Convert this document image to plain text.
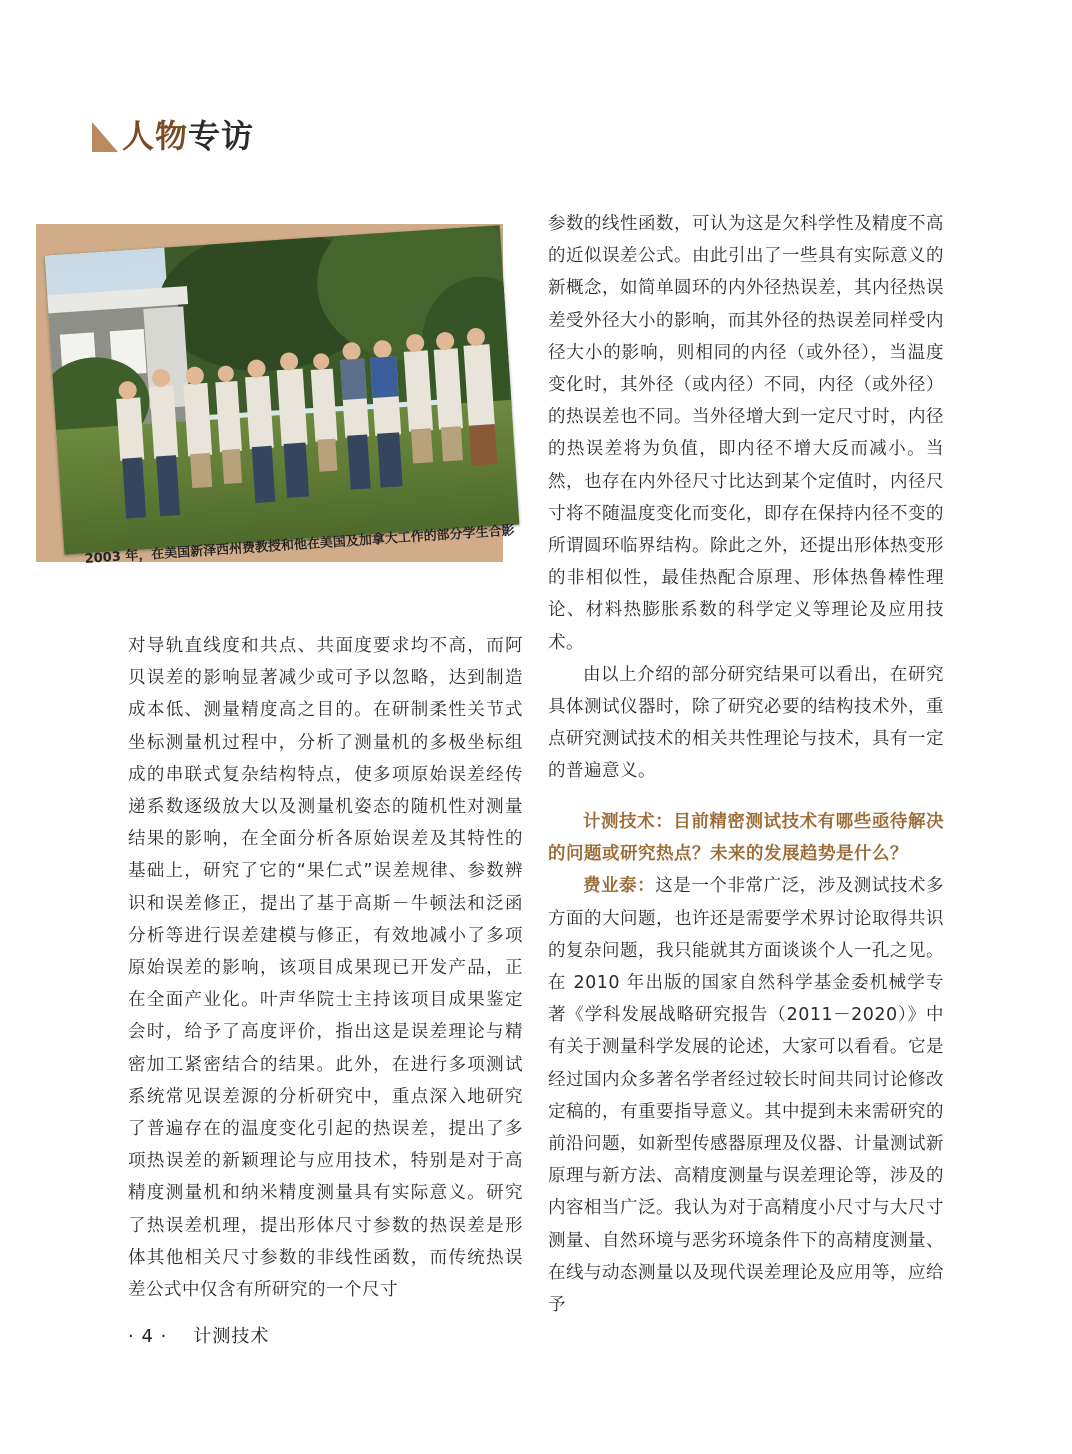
人物专访
2003 年，在美国新泽西州费教授和他在美国及加拿大工作的部分学生合影

对导轨直线度和共点、共面度要求均不高，而阿贝误差的影响显著减少或可予以忽略，达到制造成本低、测量精度高之目的。在研制柔性关节式坐标测量机过程中，分析了测量机的多极坐标组成的串联式复杂结构特点，使多项原始误差经传递系数逐级放大以及测量机姿态的随机性对测量结果的影响，在全面分析各原始误差及其特性的基础上，研究了它的“果仁式”误差规律、参数辨识和误差修正，提出了基于高斯－牛顿法和泛函分析等进行误差建模与修正，有效地减小了多项原始误差的影响，该项目成果现已开发产品，正在全面产业化。叶声华院士主持该项目成果鉴定会时，给予了高度评价，指出这是误差理论与精密加工紧密结合的结果。此外，在进行多项测试系统常见误差源的分析研究中，重点深入地研究了普遍存在的温度变化引起的热误差，提出了多项热误差的新颖理论与应用技术，特别是对于高精度测量机和纳米精度测量具有实际意义。研究了热误差机理，提出形体尺寸参数的热误差是形体其他相关尺寸参数的非线性函数，而传统热误差公式中仅含有所研究的一个尺寸

参数的线性函数，可认为这是欠科学性及精度不高的近似误差公式。由此引出了一些具有实际意义的新概念，如简单圆环的内外径热误差，其内径热误差受外径大小的影响，而其外径的热误差同样受内径大小的影响，则相同的内径（或外径），当温度变化时，其外径（或内径）不同，内径（或外径）的热误差也不同。当外径增大到一定尺寸时，内径的热误差将为负值，即内径不增大反而减小。当然，也存在内外径尺寸比达到某个定值时，内径尺寸将不随温度变化而变化，即存在保持内径不变的所谓圆环临界结构。除此之外，还提出形体热变形的非相似性，最佳热配合原理、形体热鲁棒性理论、材料热膨胀系数的科学定义等理论及应用技术。

由以上介绍的部分研究结果可以看出，在研究具体测试仪器时，除了研究必要的结构技术外，重点研究测试技术的相关共性理论与技术，具有一定的普遍意义。

计测技术：目前精密测试技术有哪些亟待解决的问题或研究热点？未来的发展趋势是什么？

费业泰：这是一个非常广泛，涉及测试技术多方面的大问题，也许还是需要学术界讨论取得共识的复杂问题，我只能就其方面谈谈个人一孔之见。在 2010 年出版的国家自然科学基金委机械学专著《学科发展战略研究报告（2011－2020）》中有关于测量科学发展的论述，大家可以看看。它是经过国内众多著名学者经过较长时间共同讨论修改定稿的，有重要指导意义。其中提到未来需研究的前沿问题，如新型传感器原理及仪器、计量测试新原理与新方法、高精度测量与误差理论等，涉及的内容相当广泛。我认为对于高精度小尺寸与大尺寸测量、自然环境与恶劣环境条件下的高精度测量、在线与动态测量以及现代误差理论及应用等，应给予

· 4 · 计测技术
